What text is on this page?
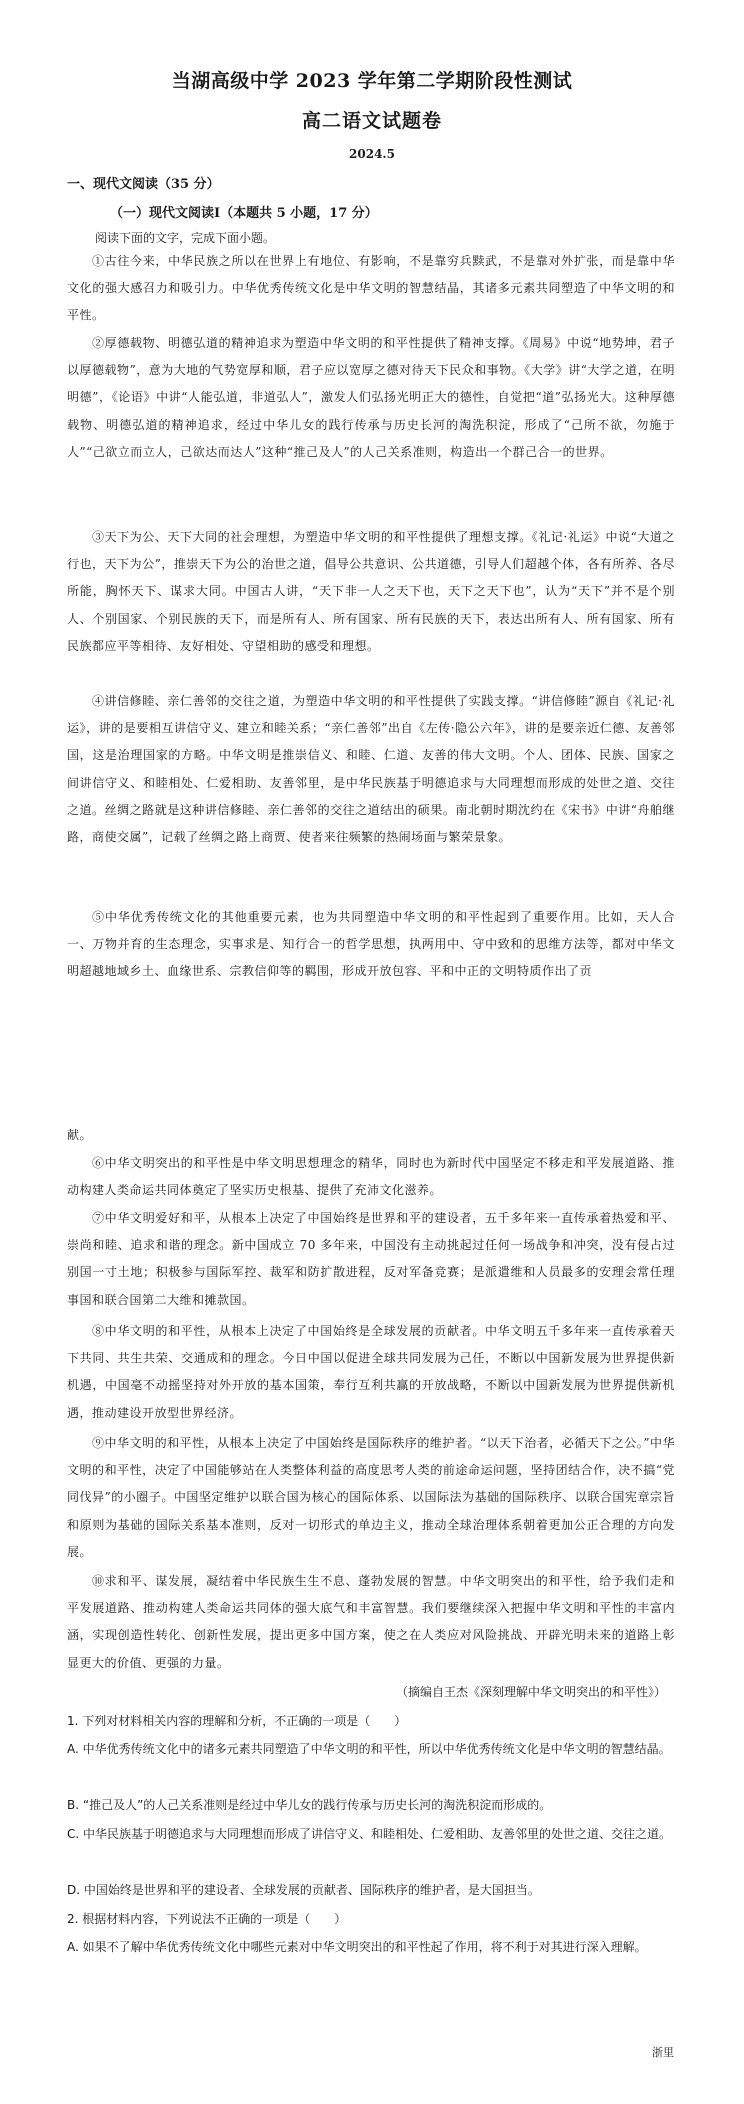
当湖高级中学 2023 学年第二学期阶段性测试
高二语文试题卷
2024.5
一、现代文阅读（35 分）
（一）现代文阅读Ⅰ（本题共 5 小题，17 分）
阅读下面的文字，完成下面小题。

①古往今来，中华民族之所以在世界上有地位、有影响，不是靠穷兵黩武，不是靠对外扩张，而是靠中华文化的强大感召力和吸引力。中华优秀传统文化是中华文明的智慧结晶，其诸多元素共同塑造了中华文明的和平性。

②厚德载物、明德弘道的精神追求为塑造中华文明的和平性提供了精神支撑。《周易》中说“地势坤，君子以厚德载物”，意为大地的气势宽厚和顺，君子应以宽厚之德对待天下民众和事物。《大学》讲“大学之道，在明明德”，《论语》中讲“人能弘道，非道弘人”，激发人们弘扬光明正大的德性，自觉把“道”弘扬光大。这种厚德载物、明德弘道的精神追求，经过中华儿女的践行传承与历史长河的淘洗积淀，形成了“己所不欲，勿施于人”“己欲立而立人，己欲达而达人”这种“推己及人”的人己关系准则，构造出一个群己合一的世界。

③天下为公、天下大同的社会理想，为塑造中华文明的和平性提供了理想支撑。《礼记·礼运》中说“大道之行也，天下为公”，推崇天下为公的治世之道，倡导公共意识、公共道德，引导人们超越个体，各有所养、各尽所能，胸怀天下、谋求大同。中国古人讲，“天下非一人之天下也，天下之天下也”，认为“天下”并不是个别人、个别国家、个别民族的天下，而是所有人、所有国家、所有民族的天下，表达出所有人、所有国家、所有民族都应平等相待、友好相处、守望相助的感受和理想。

④讲信修睦、亲仁善邻的交往之道，为塑造中华文明的和平性提供了实践支撑。“讲信修睦”源自《礼记·礼运》，讲的是要相互讲信守义、建立和睦关系；“亲仁善邻”出自《左传·隐公六年》，讲的是要亲近仁德、友善邻国，这是治理国家的方略。中华文明是推崇信义、和睦、仁道、友善的伟大文明。个人、团体、民族、国家之间讲信守义、和睦相处、仁爱相助、友善邻里，是中华民族基于明德追求与大同理想而形成的处世之道、交往之道。丝绸之路就是这种讲信修睦、亲仁善邻的交往之道结出的硕果。南北朝时期沈约在《宋书》中讲“舟舶继路，商使交属”，记载了丝绸之路上商贾、使者来往频繁的热闹场面与繁荣景象。

⑤中华优秀传统文化的其他重要元素，也为共同塑造中华文明的和平性起到了重要作用。比如，天人合一、万物并育的生态理念，实事求是、知行合一的哲学思想，执两用中、守中致和的思维方法等，都对中华文明超越地域乡土、血缘世系、宗教信仰等的羁围，形成开放包容、平和中正的文明特质作出了贡

献。

⑥中华文明突出的和平性是中华文明思想理念的精华，同时也为新时代中国坚定不移走和平发展道路、推动构建人类命运共同体奠定了坚实历史根基、提供了充沛文化滋养。

⑦中华文明爱好和平，从根本上决定了中国始终是世界和平的建设者，五千多年来一直传承着热爱和平、崇尚和睦、追求和谐的理念。新中国成立 70 多年来，中国没有主动挑起过任何一场战争和冲突，没有侵占过别国一寸土地；积极参与国际军控、裁军和防扩散进程，反对军备竞赛；是派遣维和人员最多的安理会常任理事国和联合国第二大维和摊款国。

⑧中华文明的和平性，从根本上决定了中国始终是全球发展的贡献者。中华文明五千多年来一直传承着天下共同、共生共荣、交通成和的理念。今日中国以促进全球共同发展为己任，不断以中国新发展为世界提供新机遇，中国毫不动摇坚持对外开放的基本国策，奉行互利共赢的开放战略，不断以中国新发展为世界提供新机遇，推动建设开放型世界经济。

⑨中华文明的和平性，从根本上决定了中国始终是国际秩序的维护者。“以天下治者，必循天下之公。”中华文明的和平性，决定了中国能够站在人类整体利益的高度思考人类的前途命运问题，坚持团结合作，决不搞“党同伐异”的小圈子。中国坚定维护以联合国为核心的国际体系、以国际法为基础的国际秩序、以联合国宪章宗旨和原则为基础的国际关系基本准则，反对一切形式的单边主义，推动全球治理体系朝着更加公正合理的方向发展。

⑩求和平、谋发展，凝结着中华民族生生不息、蓬勃发展的智慧。中华文明突出的和平性，给予我们走和平发展道路、推动构建人类命运共同体的强大底气和丰富智慧。我们要继续深入把握中华文明和平性的丰富内涵，实现创造性转化、创新性发展，提出更多中国方案，使之在人类应对风险挑战、开辟光明未来的道路上彰显更大的价值、更强的力量。

（摘编自王杰《深刻理解中华文明突出的和平性》）

1. 下列对材料相关内容的理解和分析，不正确的一项是（　　）

A. 中华优秀传统文化中的诸多元素共同塑造了中华文明的和平性，所以中华优秀传统文化是中华文明的智慧结晶。

B. “推己及人”的人己关系准则是经过中华儿女的践行传承与历史长河的淘洗积淀而形成的。

C. 中华民族基于明德追求与大同理想而形成了讲信守义、和睦相处、仁爱相助、友善邻里的处世之道、交往之道。

D. 中国始终是世界和平的建设者、全球发展的贡献者、国际秩序的维护者，是大国担当。

2. 根据材料内容，下列说法不正确的一项是（　　）

A. 如果不了解中华优秀传统文化中哪些元素对中华文明突出的和平性起了作用，将不利于对其进行深入理解。

浙里
